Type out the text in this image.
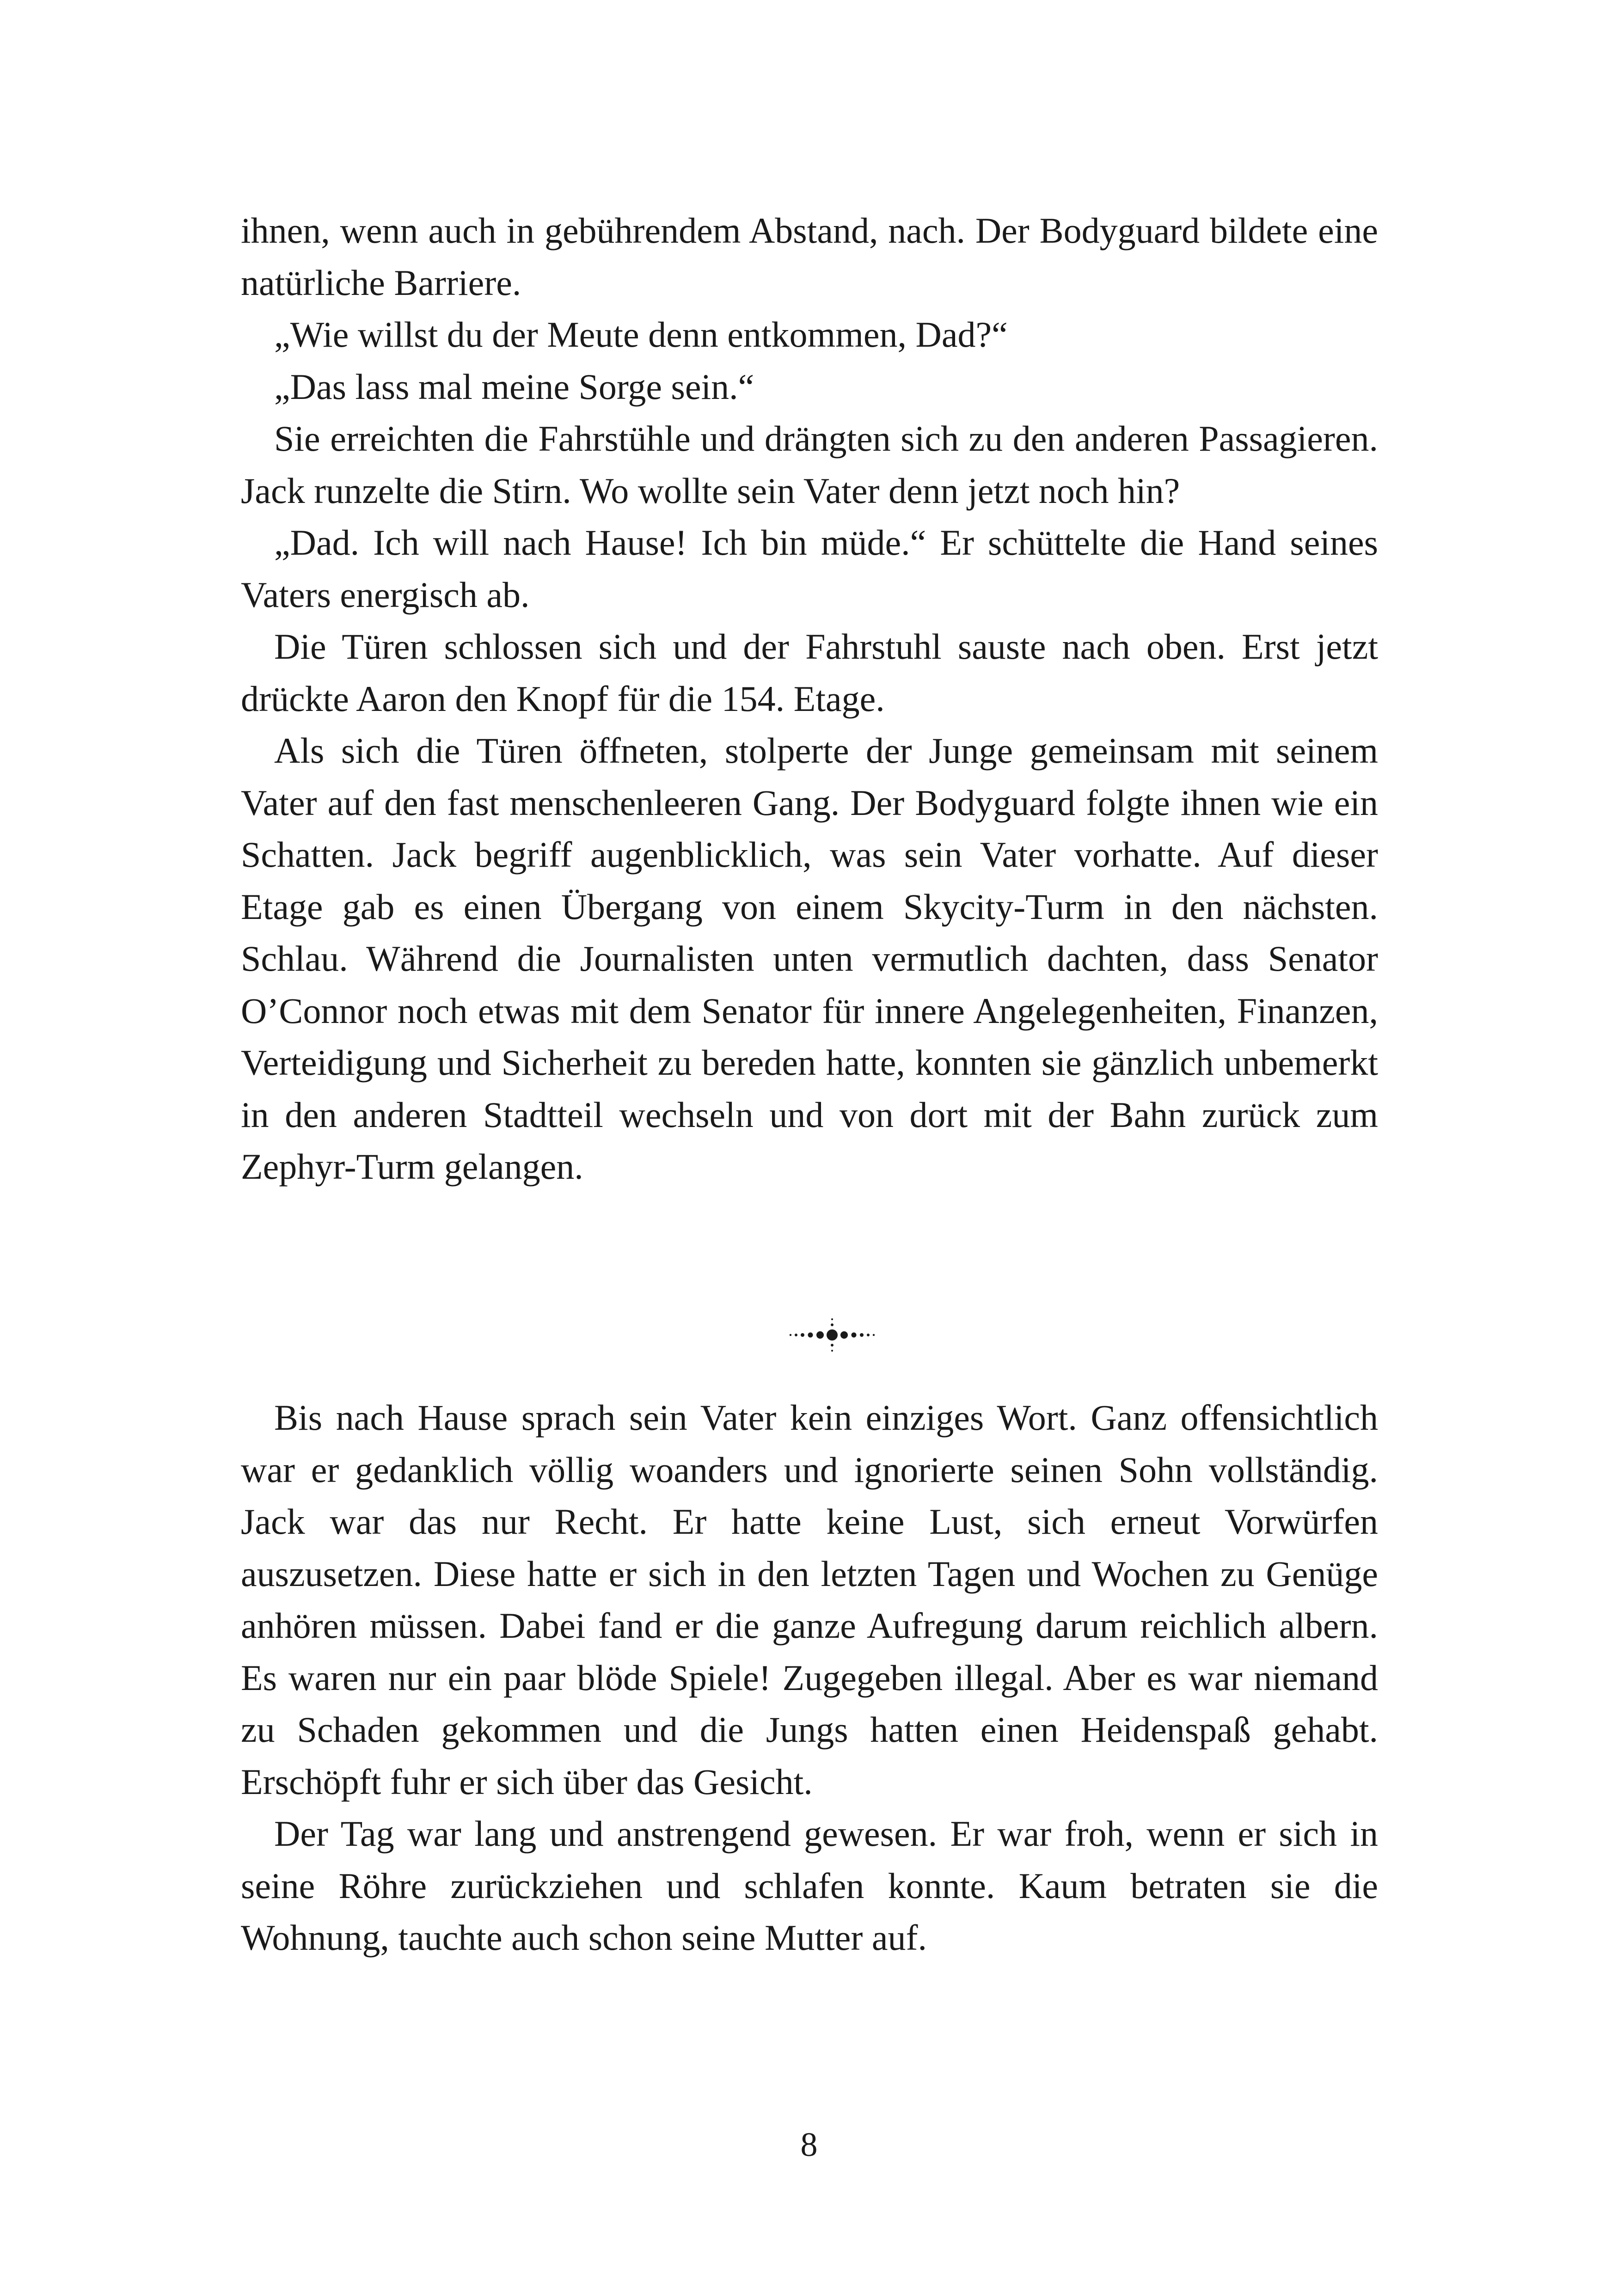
ihnen, wenn auch in gebührendem Abstand, nach. Der Bodyguard bildete eine natürliche Barriere.

„Wie willst du der Meute denn entkommen, Dad?“

„Das lass mal meine Sorge sein.“

Sie erreichten die Fahrstühle und drängten sich zu den anderen Passagieren. Jack runzelte die Stirn. Wo wollte sein Vater denn jetzt noch hin?

„Dad. Ich will nach Hause! Ich bin müde.“ Er schüttelte die Hand seines Vaters energisch ab.

Die Türen schlossen sich und der Fahrstuhl sauste nach oben. Erst jetzt drückte Aaron den Knopf für die 154. Etage.

Als sich die Türen öffneten, stolperte der Junge gemeinsam mit seinem Vater auf den fast menschenleeren Gang. Der Bodyguard folgte ihnen wie ein Schatten. Jack begriff augenblicklich, was sein Vater vorhatte. Auf dieser Etage gab es einen Übergang von einem Skycity-Turm in den nächsten. Schlau. Während die Journalisten unten vermutlich dachten, dass Senator O’Connor noch etwas mit dem Senator für innere Angelegenheiten, Finanzen, Verteidigung und Sicherheit zu bereden hatte, konnten sie gänzlich unbemerkt in den anderen Stadtteil wechseln und von dort mit der Bahn zurück zum Zephyr-Turm gelangen.

Bis nach Hause sprach sein Vater kein einziges Wort. Ganz offensichtlich war er gedanklich völlig woanders und ignorierte seinen Sohn vollständig. Jack war das nur Recht. Er hatte keine Lust, sich erneut Vorwürfen auszusetzen. Diese hatte er sich in den letzten Tagen und Wochen zu Genüge anhören müssen. Dabei fand er die ganze Aufregung darum reichlich albern. Es waren nur ein paar blöde Spiele! Zugegeben illegal. Aber es war niemand zu Schaden gekommen und die Jungs hatten einen Heidenspaß gehabt. Erschöpft fuhr er sich über das Gesicht.

Der Tag war lang und anstrengend gewesen. Er war froh, wenn er sich in seine Röhre zurückziehen und schlafen konnte. Kaum betraten sie die Wohnung, tauchte auch schon seine Mutter auf.

8
